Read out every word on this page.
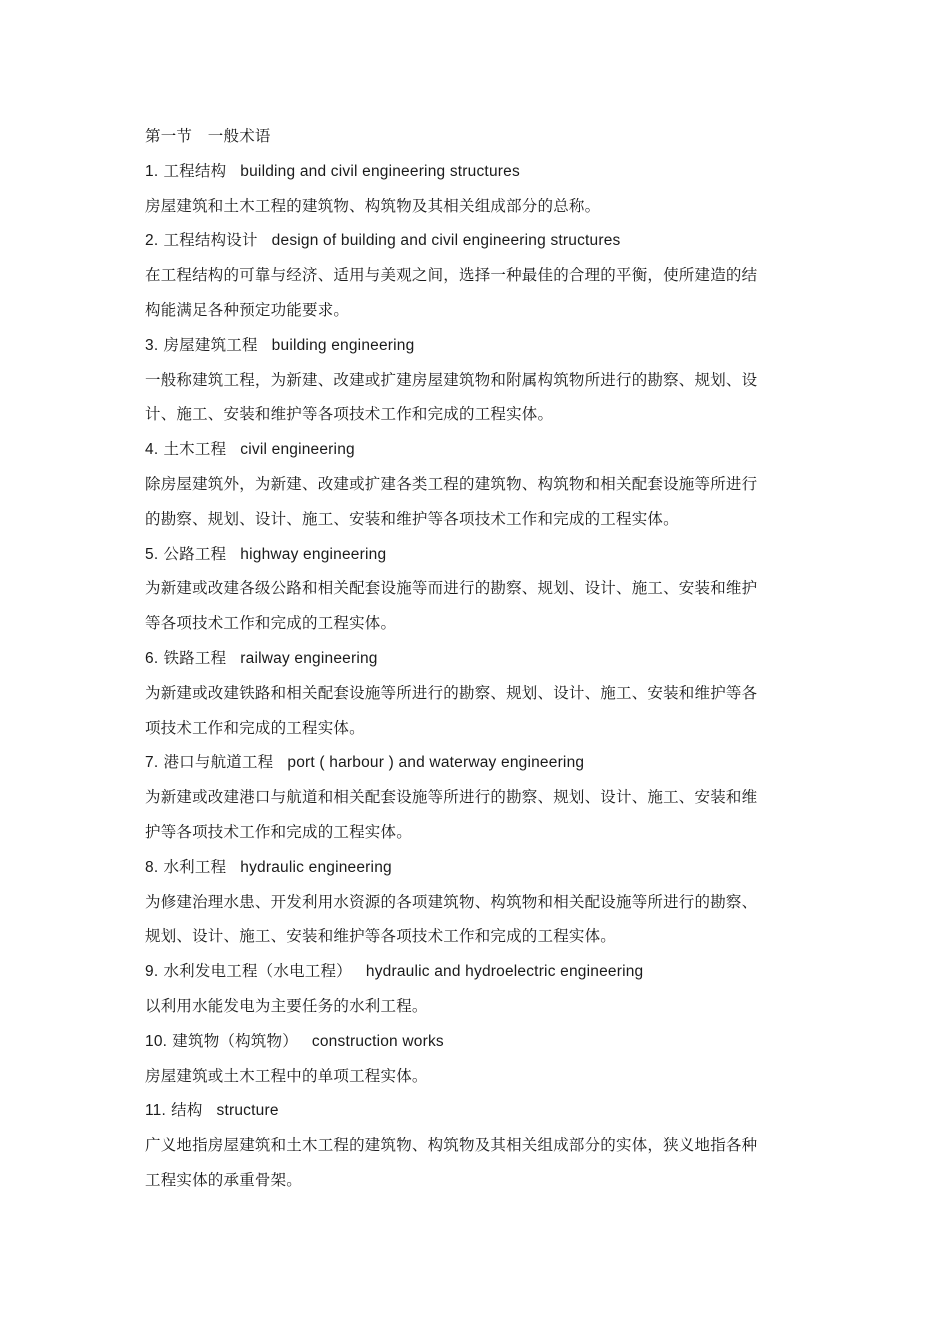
第一节　一般术语
1. 工程结构 building and civil engineering structures
房屋建筑和土木工程的建筑物、构筑物及其相关组成部分的总称。
2. 工程结构设计 design of building and civil engineering structures
在工程结构的可靠与经济、适用与美观之间，选择一种最佳的合理的平衡，使所建造的结
构能满足各种预定功能要求。
3. 房屋建筑工程 building engineering
一般称建筑工程，为新建、改建或扩建房屋建筑物和附属构筑物所进行的勘察、规划、设
计、施工、安装和维护等各项技术工作和完成的工程实体。
4. 土木工程 civil engineering
除房屋建筑外，为新建、改建或扩建各类工程的建筑物、构筑物和相关配套设施等所进行
的勘察、规划、设计、施工、安装和维护等各项技术工作和完成的工程实体。
5. 公路工程 highway engineering
为新建或改建各级公路和相关配套设施等而进行的勘察、规划、设计、施工、安装和维护
等各项技术工作和完成的工程实体。
6. 铁路工程 railway engineering
为新建或改建铁路和相关配套设施等所进行的勘察、规划、设计、施工、安装和维护等各
项技术工作和完成的工程实体。
7. 港口与航道工程 port ( harbour ) and waterway engineering
为新建或改建港口与航道和相关配套设施等所进行的勘察、规划、设计、施工、安装和维
护等各项技术工作和完成的工程实体。
8. 水利工程 hydraulic engineering
为修建治理水患、开发利用水资源的各项建筑物、构筑物和相关配设施等所进行的勘察、
规划、设计、施工、安装和维护等各项技术工作和完成的工程实体。
9. 水利发电工程（水电工程） hydraulic and hydroelectric engineering
以利用水能发电为主要任务的水利工程。
10. 建筑物（构筑物） construction works
房屋建筑或土木工程中的单项工程实体。
11. 结构 structure
广义地指房屋建筑和土木工程的建筑物、构筑物及其相关组成部分的实体，狭义地指各种
工程实体的承重骨架。
